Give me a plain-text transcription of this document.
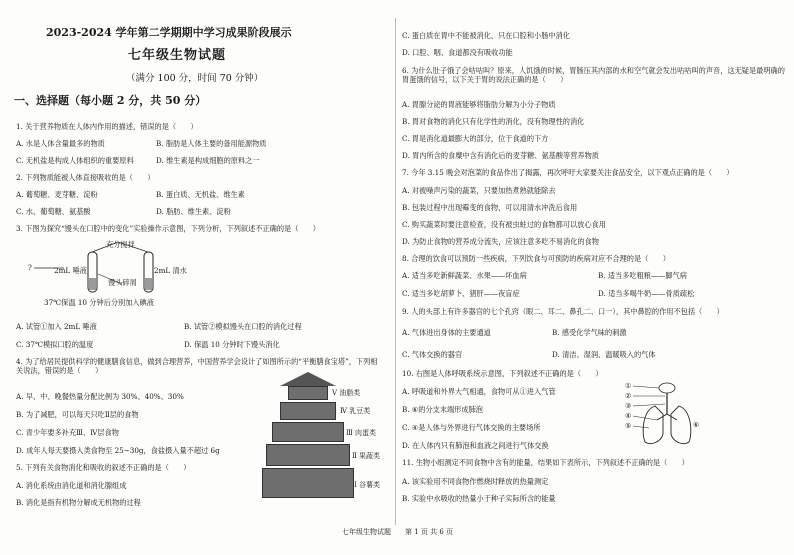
2023-2024 学年第二学期期中学习成果阶段展示
七年级生物试题
（满分 100 分，时间 70 分钟）
一、选择题（每小题 2 分，共 50 分）
1. 关于营养物质在人体内作用的描述，错误的是（　　）
A. 水是人体含量最多的物质	B. 脂肪是人体主要的备用能源物质
C. 无机盐是构成人体组织的重要原料	D. 维生素是构成细胞的原料之一
2. 下列物质能被人体直接吸收的是（　　）
A. 葡萄糖、麦芽糖、淀粉	B. 蛋白质、无机盐、维生素
C. 水、葡萄糖、氨基酸	D. 脂肪、维生素、淀粉
3. 下图为探究“馒头在口腔中的变化”实验操作示意图，下列分析，下列叙述不正确的是（　　）
?	2mL 唾液	2mL 清水
充分搅拌
馒头碎屑
37℃保温 10 分钟后分别加入碘液
A. 试管①加入 2mL 唾液	B. 试管②模拟馒头在口腔的消化过程
C. 37℃模拟口腔的温度	D. 保温 10 分钟时下馒头消化
4. 为了给居民提供科学的健康膳食信息，做到合理营养，中国营养学会设计了如图所示的“平衡膳食宝塔”，下列相关说法，错误的是（　　）
A. 早、中、晚餐热量分配比例为 30%、40%、30%
B. 为了减肥，可以每天只吃Ⅱ层的食物
C. 青少年要多补充Ⅲ、Ⅳ层食物
D. 成年人每天要摄入类食物至 25~30g，食盐摄入量不超过 6g
5. 下列有关食物消化和吸收的叙述不正确的是（　　）
A. 消化系统由消化道和消化腺组成
B. 消化是指有机物分解成无机物的过程
Ⅴ 油脂类
Ⅳ 乳豆类
Ⅲ 肉蛋类
Ⅱ 果蔬类
Ⅰ 谷薯类
C. 蛋白质在胃中不能被消化，只在口腔和小肠中消化
D. 口腔、咽、食道都没有吸收功能
6. 为什么肚子饿了会咕咕叫？原来，人饥饿的时候，胃肠压其内部的水和空气就会发出咕咕叫的声音，这无疑是最明确的胃蛋饿的信号，以下关于胃的说法正确的是（　　）
A. 胃腺分泌的胃液能够将脂肪分解为小分子物质
B. 胃对食物的消化只有化学性的消化，没有物理性的消化
C. 胃是消化道最膨大的部分，位于食道的下方
D. 胃内所含的食糜中含有消化后的麦芽糖、氨基酸等营养物质
7. 今年 3.15 晚会对泡菜的食品作出了揭露，再次呼吁大家要关注食品安全，以下观点正确的是（　　）
A. 对被噪声污染的蔬菜，只要加热煮熟就能除去
B. 包装过程中出现霉变的食物，可以用清水冲洗后食用
C. 购买蔬菜时要注意检查，没有被虫蛀过的食物都可以放心食用
D. 为防止食物的营养成分流失，应该注意多吃不易消化的食物
8. 合理的饮食可以预防一些疾病，下列饮食与可预防的疾病对应不合理的是（　　）
A. 适当多吃新鲜蔬菜、水果——坏血病	B. 适当多吃粗粮——脚气病
C. 适当多吃胡萝卜、猪肝——夜盲症	D. 适当多喝牛奶——骨质疏松
9. 人的头部上有许多器官的七个孔窍（眼二、耳二、鼻孔二、口一），其中鼻腔的作用不包括（　　）
A. 气体进出身体的主要通道	B. 感受化学气味的刺激
C. 气体交换的器官	D. 清洁、湿润、温暖吸入的气体
10. 右图是人体呼吸系统示意图，下列叙述不正确的是（　　）
A. 呼吸道和外界大气相通，食物可从①进入气管
B. ⑥的分支末端形成肺泡
C. ④是人体与外界进行气体交换的主要场所
D. 在人体内只有肺泡和血液之间进行气体交换
11. 生物小组测定不同食物中含有的能量，结果如下表所示，下列叙述不正确的是（　　）
A. 该实验用不同食物作燃烧时释放的热量测定
B. 实验中水吸收的热量小于种子实际所含的能量
①
②
③
④
⑤	⑥
七年级生物试题　　第 1 页 共 6 页
